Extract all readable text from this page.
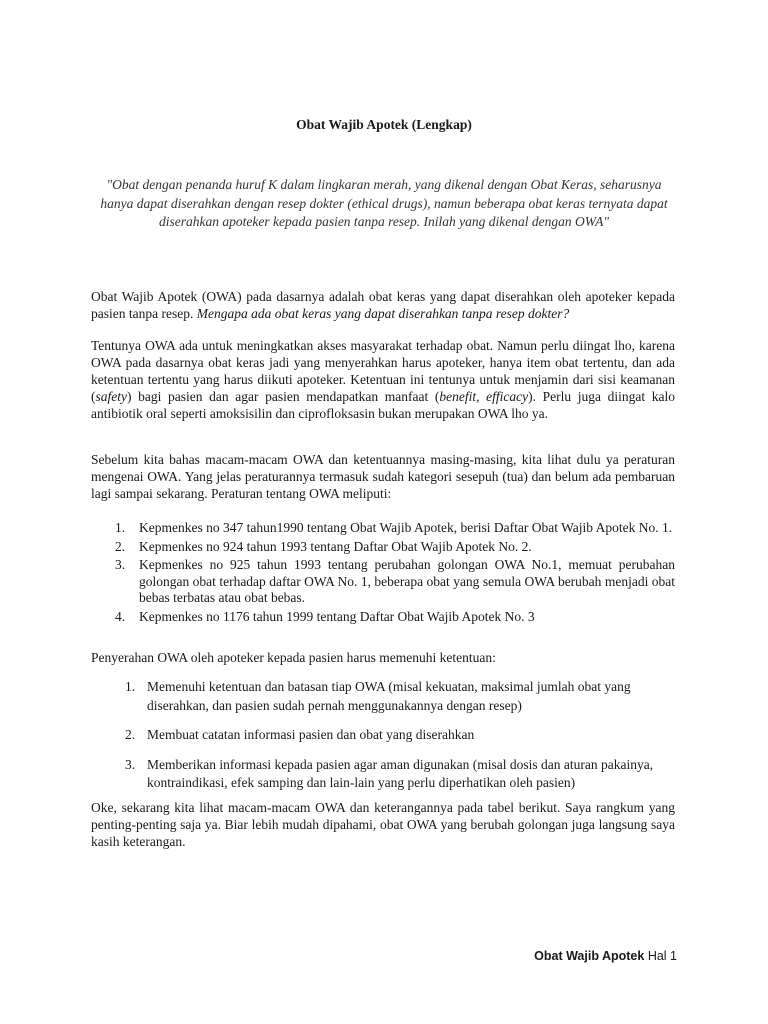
Obat Wajib Apotek (Lengkap)
"Obat dengan penanda huruf K dalam lingkaran merah, yang dikenal dengan Obat Keras, seharusnya hanya dapat diserahkan dengan resep dokter (ethical drugs), namun beberapa obat keras ternyata dapat diserahkan apoteker kepada pasien tanpa resep. Inilah yang dikenal dengan OWA"

Obat Wajib Apotek (OWA) pada dasarnya adalah obat keras yang dapat diserahkan oleh apoteker kepada pasien tanpa resep. Mengapa ada obat keras yang dapat diserahkan tanpa resep dokter?

Tentunya OWA ada untuk meningkatkan akses masyarakat terhadap obat. Namun perlu diingat lho, karena OWA pada dasarnya obat keras jadi yang menyerahkan harus apoteker, hanya item obat tertentu, dan ada ketentuan tertentu yang harus diikuti apoteker. Ketentuan ini tentunya untuk menjamin dari sisi keamanan (safety) bagi pasien dan agar pasien mendapatkan manfaat (benefit, efficacy). Perlu juga diingat kalo antibiotik oral seperti amoksisilin dan ciprofloksasin bukan merupakan OWA lho ya.

Sebelum kita bahas macam-macam OWA dan ketentuannya masing-masing, kita lihat dulu ya peraturan mengenai OWA. Yang jelas peraturannya termasuk sudah kategori sesepuh (tua) dan belum ada pembaruan lagi sampai sekarang. Peraturan tentang OWA meliputi:

1. Kepmenkes no 347 tahun1990 tentang Obat Wajib Apotek, berisi Daftar Obat Wajib Apotek No. 1.
2. Kepmenkes no 924 tahun 1993 tentang Daftar Obat Wajib Apotek No. 2.
3. Kepmenkes no 925 tahun 1993 tentang perubahan golongan OWA No.1, memuat perubahan golongan obat terhadap daftar OWA No. 1, beberapa obat yang semula OWA berubah menjadi obat bebas terbatas atau obat bebas.
4. Kepmenkes no 1176 tahun 1999 tentang Daftar Obat Wajib Apotek No. 3

Penyerahan OWA oleh apoteker kepada pasien harus memenuhi ketentuan:

1. Memenuhi ketentuan dan batasan tiap OWA (misal kekuatan, maksimal jumlah obat yang diserahkan, dan pasien sudah pernah menggunakannya dengan resep)
2. Membuat catatan informasi pasien dan obat yang diserahkan
3. Memberikan informasi kepada pasien agar aman digunakan (misal dosis dan aturan pakainya, kontraindikasi, efek samping dan lain-lain yang perlu diperhatikan oleh pasien)

Oke, sekarang kita lihat macam-macam OWA dan keterangannya pada tabel berikut. Saya rangkum yang penting-penting saja ya. Biar lebih mudah dipahami, obat OWA yang berubah golongan juga langsung saya kasih keterangan.

Obat Wajib Apotek Hal 1
